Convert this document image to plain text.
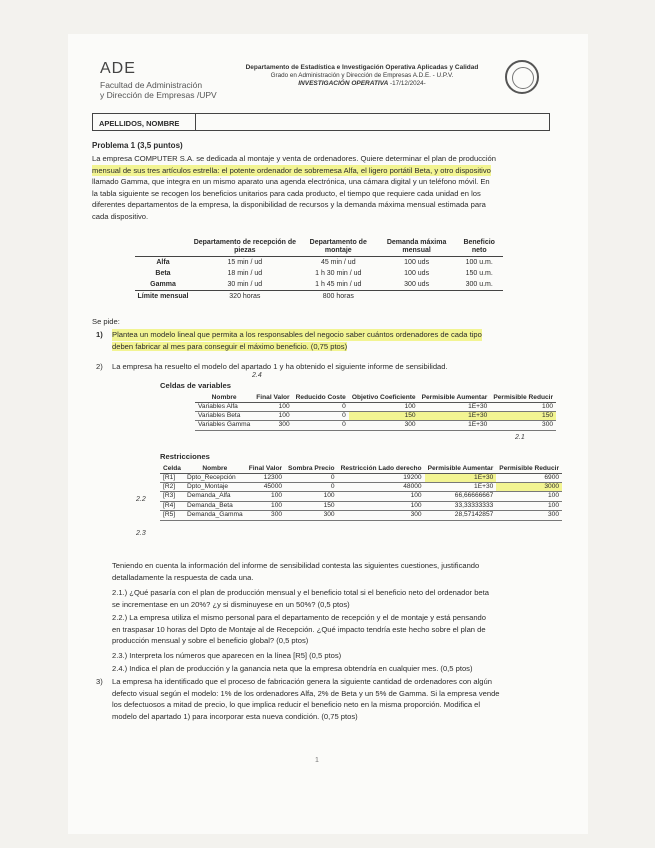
ADE
Facultad de Administración
y Dirección de Empresas /UPV
Departamento de Estadística e Investigación Operativa Aplicadas y Calidad
Grado en Administración y Dirección de Empresas A.D.E. - U.P.V.
INVESTIGACIÓN OPERATIVA -17/12/2024-
APELLIDOS, NOMBRE
Problema 1 (3,5 puntos)
La empresa COMPUTER S.A. se dedicada al montaje y venta de ordenadores. Quiere determinar el plan de producción
mensual de sus tres artículos estrella: el potente ordenador de sobremesa Alfa, el ligero portátil Beta, y otro dispositivo
llamado Gamma, que integra en un mismo aparato una agenda electrónica, una cámara digital y un teléfono móvil. En
la tabla siguiente se recogen los beneficios unitarios para cada producto, el tiempo que requiere cada unidad en los
diferentes departamentos de la empresa, la disponibilidad de recursos y la demanda máxima mensual estimada para
cada dispositivo.
	Departamento de recepción de piezas	Departamento de montaje	Demanda máxima mensual	Beneficio neto
Alfa	15 min / ud	45 min / ud	100 uds	100 u.m.
Beta	18 min / ud	1 h 30 min / ud	100 uds	150 u.m.
Gamma	30 min / ud	1 h 45 min / ud	300 uds	300 u.m.
Límite mensual	320 horas	800 horas		
Se pide:
1) Plantea un modelo lineal que permita a los responsables del negocio saber cuántos ordenadores de cada tipo
deben fabricar al mes para conseguir el máximo beneficio. (0,75 ptos)
2) La empresa ha resuelto el modelo del apartado 1 y ha obtenido el siguiente informe de sensibilidad.
2.4
Celdas de variables
Nombre	Final Valor	Reducido Coste	Objetivo Coeficiente	Permisible Aumentar	Permisible Reducir
Variables Alfa	100	0	100	1E+30	100
Variables Beta	100	0	150	1E+30	150
Variables Gamma	300	0	300	1E+30	300
2.1
Restricciones
Celda	Nombre	Final Valor	Sombra Precio	Restricción Lado derecho	Permisible Aumentar	Permisible Reducir
[R1]	Dpto_Recepción	12300	0	19200	1E+30	6900
[R2]	Dpto_Montaje	45000	0	48000	1E+30	3000
[R3]	Demanda_Alfa	100	100	100	66,66666667	100
[R4]	Demanda_Beta	100	150	100	33,33333333	100
[R5]	Demanda_Gamma	300	300	300	28,57142857	300
2.2
2.3
Teniendo en cuenta la información del informe de sensibilidad contesta las siguientes cuestiones, justificando
detalladamente la respuesta de cada una.
2.1.) ¿Qué pasaría con el plan de producción mensual y el beneficio total si el beneficio neto del ordenador beta
se incrementase en un 20%? ¿y si disminuyese en un 50%? (0,5 ptos)
2.2.) La empresa utiliza el mismo personal para el departamento de recepción y el de montaje y está pensando
en traspasar 10 horas del Dpto de Montaje al de Recepción. ¿Qué impacto tendría este hecho sobre el plan de
producción mensual y sobre el beneficio global? (0,5 ptos)
2.3.) Interpreta los números que aparecen en la línea [R5] (0,5 ptos)
2.4.) Indica el plan de producción y la ganancia neta que la empresa obtendría en cualquier mes. (0,5 ptos)
3) La empresa ha identificado que el proceso de fabricación genera la siguiente cantidad de ordenadores con algún
defecto visual según el modelo: 1% de los ordenadores Alfa, 2% de Beta y un 5% de Gamma. Si la empresa vende
los defectuosos a mitad de precio, lo que implica reducir el beneficio neto en la misma proporción. Modifica el
modelo del apartado 1) para incorporar esta nueva condición. (0,75 ptos)
1
